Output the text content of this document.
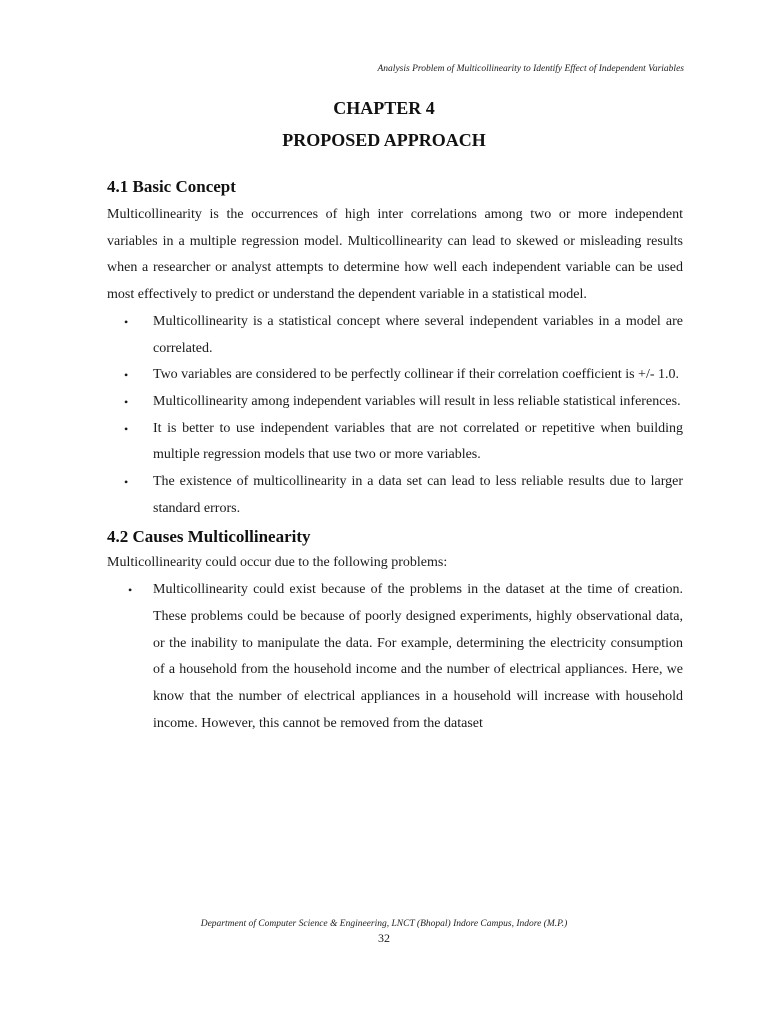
Analysis Problem of Multicollinearity to Identify Effect of Independent Variables
CHAPTER 4
PROPOSED APPROACH
4.1 Basic Concept

Multicollinearity is the occurrences of high inter correlations among two or more independent variables in a multiple regression model. Multicollinearity can lead to skewed or misleading results when a researcher or analyst attempts to determine how well each independent variable can be used most effectively to predict or understand the dependent variable in a statistical model.

• Multicollinearity is a statistical concept where several independent variables in a model are correlated.
• Two variables are considered to be perfectly collinear if their correlation coefficient is +/- 1.0.
• Multicollinearity among independent variables will result in less reliable statistical inferences.
• It is better to use independent variables that are not correlated or repetitive when building multiple regression models that use two or more variables.
• The existence of multicollinearity in a data set can lead to less reliable results due to larger standard errors.
4.2 Causes Multicollinearity

Multicollinearity could occur due to the following problems:

• Multicollinearity could exist because of the problems in the dataset at the time of creation. These problems could be because of poorly designed experiments, highly observational data, or the inability to manipulate the data. For example, determining the electricity consumption of a household from the household income and the number of electrical appliances. Here, we know that the number of electrical appliances in a household will increase with household income. However, this cannot be removed from the dataset
Department of Computer Science & Engineering, LNCT (Bhopal) Indore Campus, Indore (M.P.)
32
